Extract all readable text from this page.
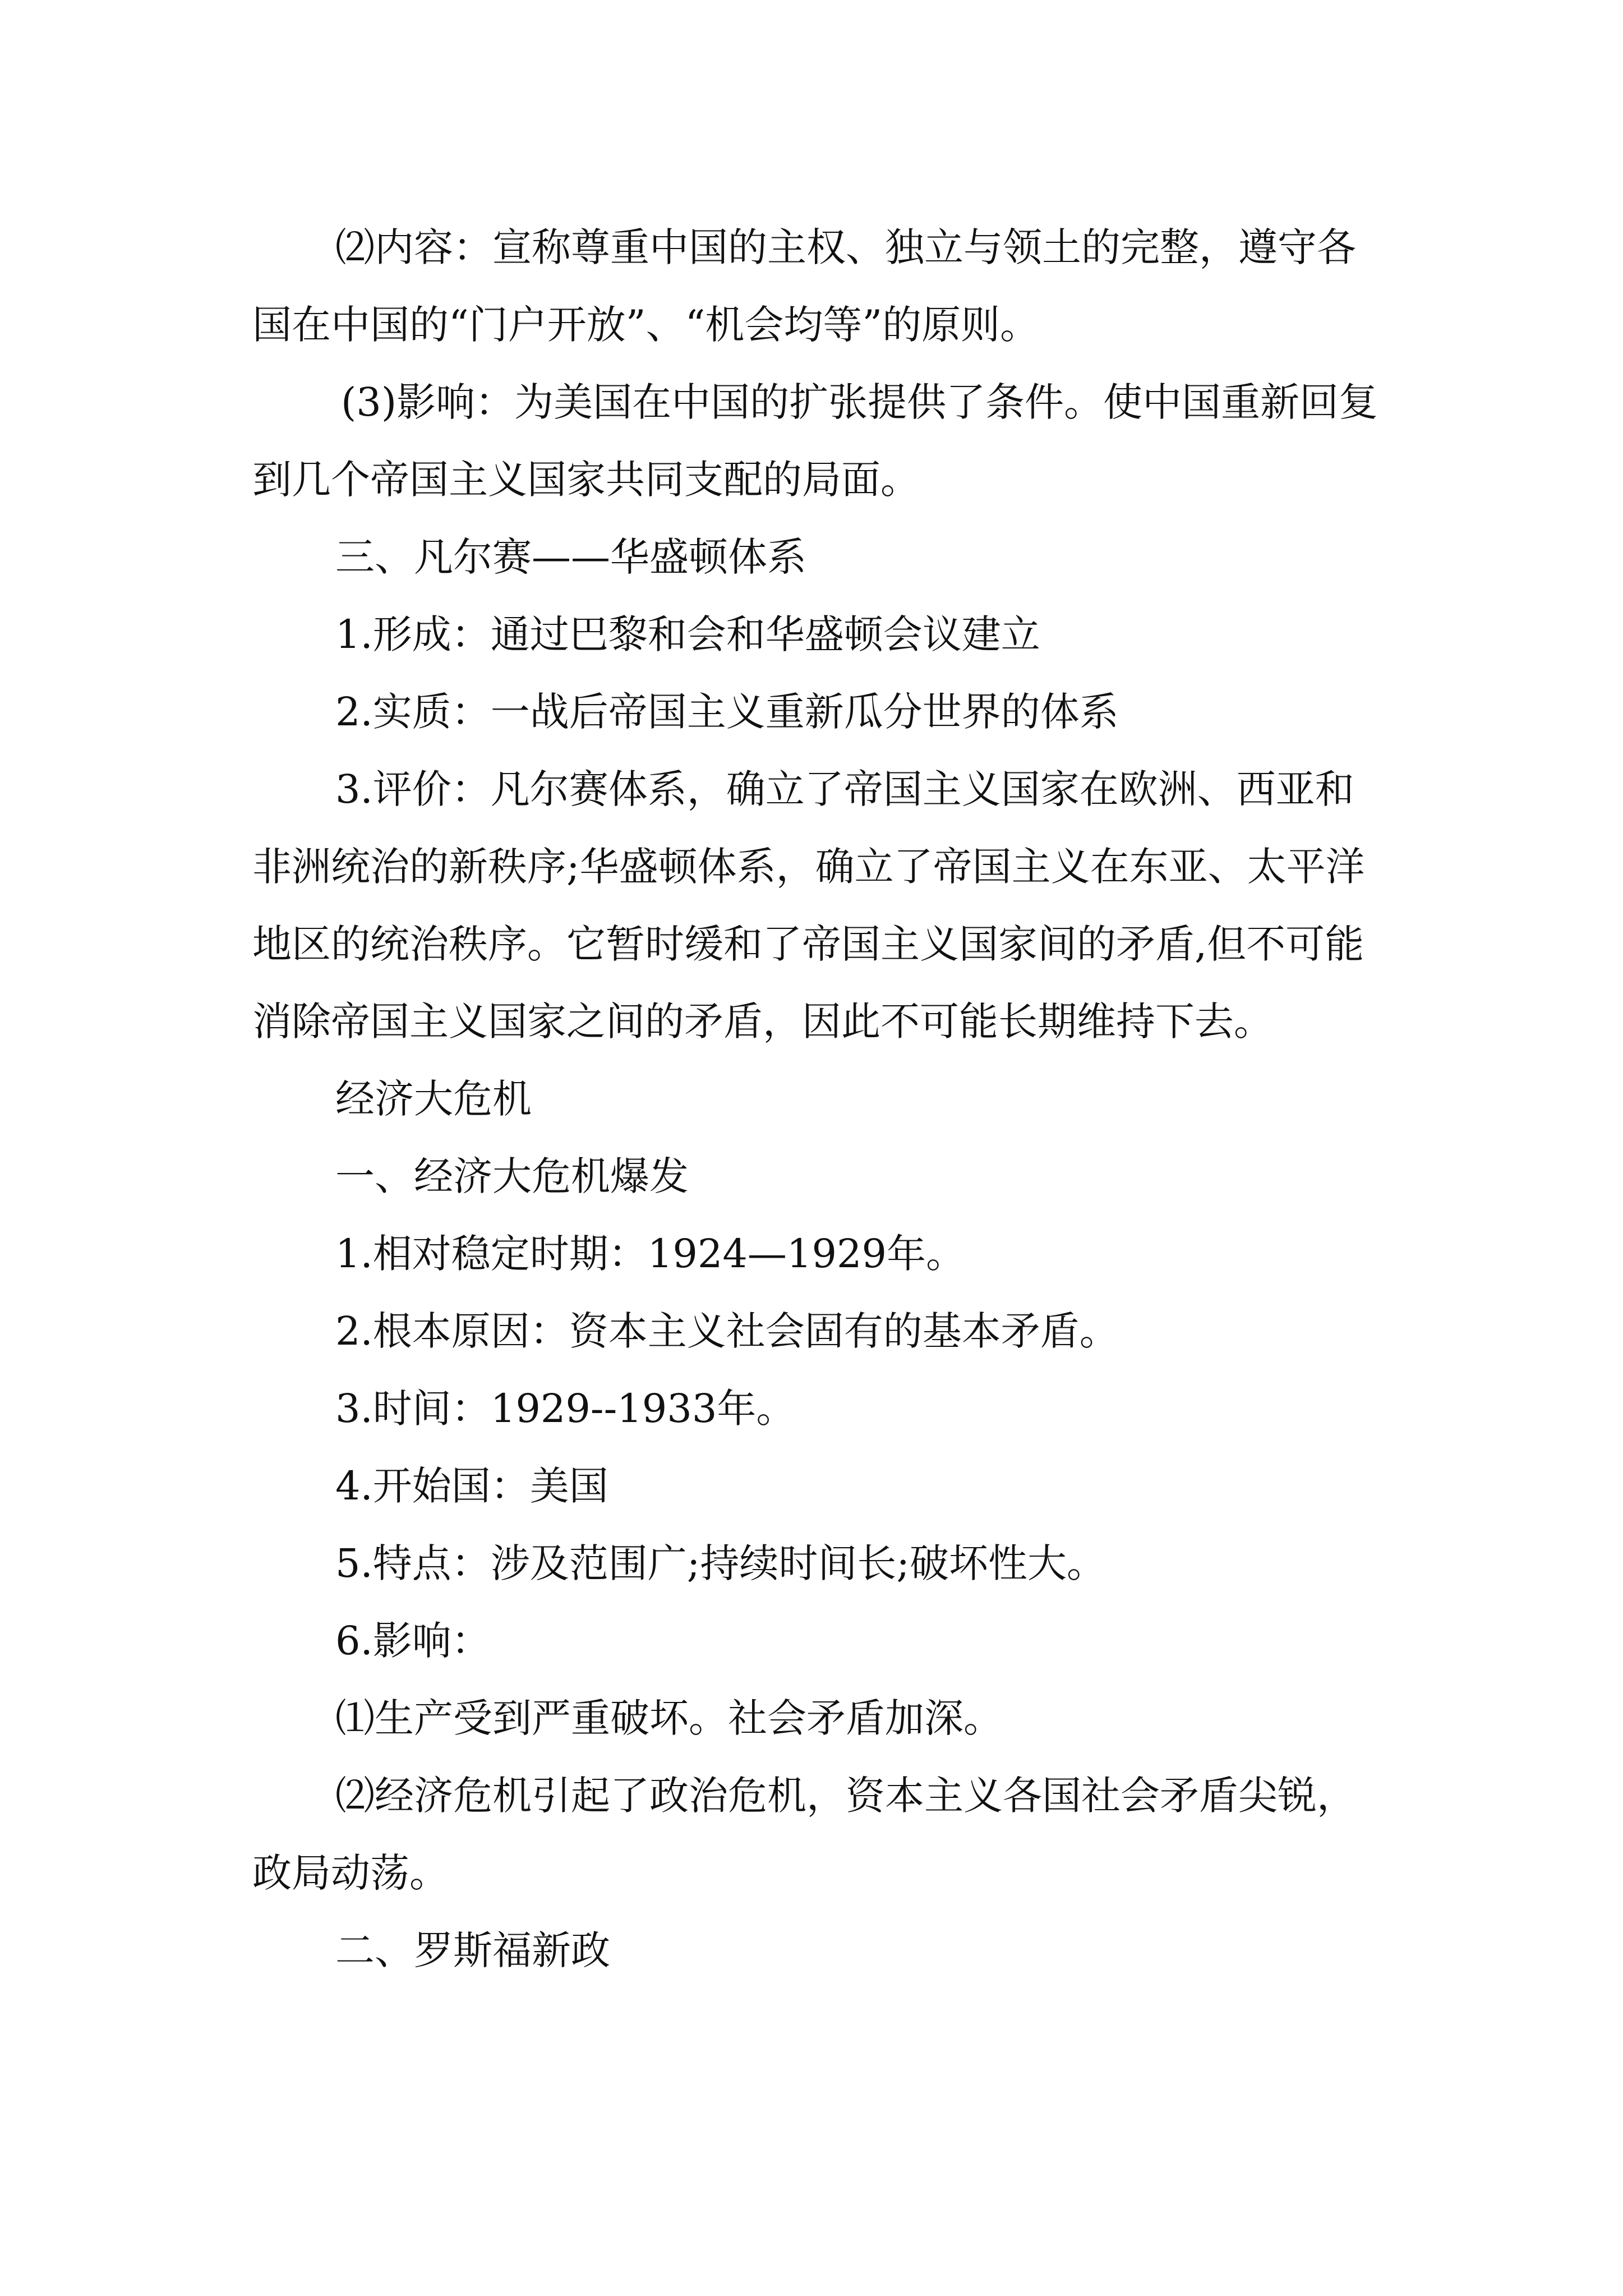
⑵内容：宣称尊重中国的主权、独立与领土的完整，遵守各国在中国的“门户开放”、“机会均等”的原则。

(3)影响：为美国在中国的扩张提供了条件。使中国重新回复到几个帝国主义国家共同支配的局面。

三、凡尔赛——华盛顿体系

1.形成：通过巴黎和会和华盛顿会议建立

2.实质：一战后帝国主义重新瓜分世界的体系

3.评价：凡尔赛体系，确立了帝国主义国家在欧洲、西亚和非洲统治的新秩序;华盛顿体系，确立了帝国主义在东亚、太平洋地区的统治秩序。它暂时缓和了帝国主义国家间的矛盾,但不可能消除帝国主义国家之间的矛盾，因此不可能长期维持下去。

经济大危机

一、经济大危机爆发

1.相对稳定时期：1924—1929年。

2.根本原因：资本主义社会固有的基本矛盾。

3.时间：1929--1933年。

4.开始国：美国

5.特点：涉及范围广;持续时间长;破坏性大。

6.影响：

⑴生产受到严重破坏。社会矛盾加深。

⑵经济危机引起了政治危机，资本主义各国社会矛盾尖锐，政局动荡。

二、罗斯福新政
